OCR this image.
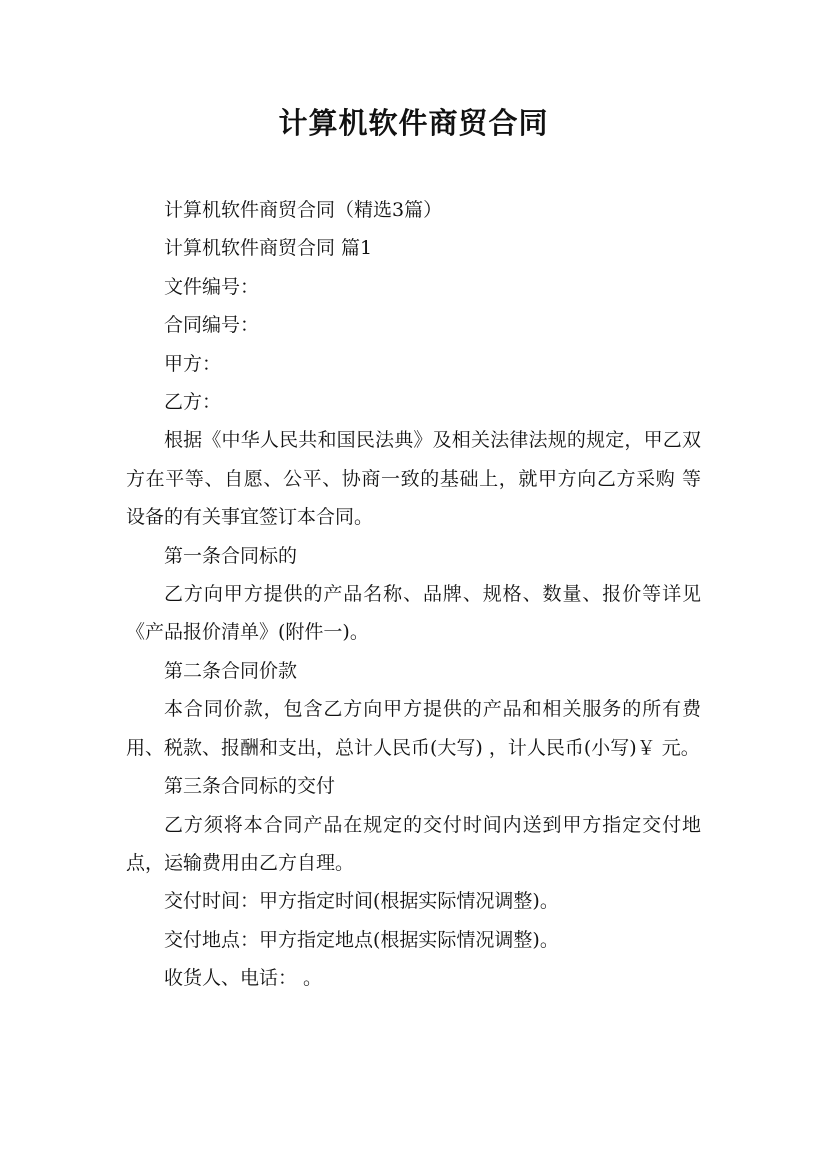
计算机软件商贸合同

计算机软件商贸合同（精选3篇）

计算机软件商贸合同 篇1

文件编号：

合同编号：

甲方：

乙方：

根据《中华人民共和国民法典》及相关法律法规的规定，甲乙双方在平等、自愿、公平、协商一致的基础上，就甲方向乙方采购 等设备的有关事宜签订本合同。

第一条合同标的

乙方向甲方提供的产品名称、品牌、规格、数量、报价等详见《产品报价清单》(附件一)。

第二条合同价款

本合同价款，包含乙方向甲方提供的产品和相关服务的所有费用、税款、报酬和支出，总计人民币(大写) ，计人民币(小写)￥ 元。

第三条合同标的交付

乙方须将本合同产品在规定的交付时间内送到甲方指定交付地点，运输费用由乙方自理。

交付时间：甲方指定时间(根据实际情况调整)。

交付地点：甲方指定地点(根据实际情况调整)。

收货人、电话： 。
